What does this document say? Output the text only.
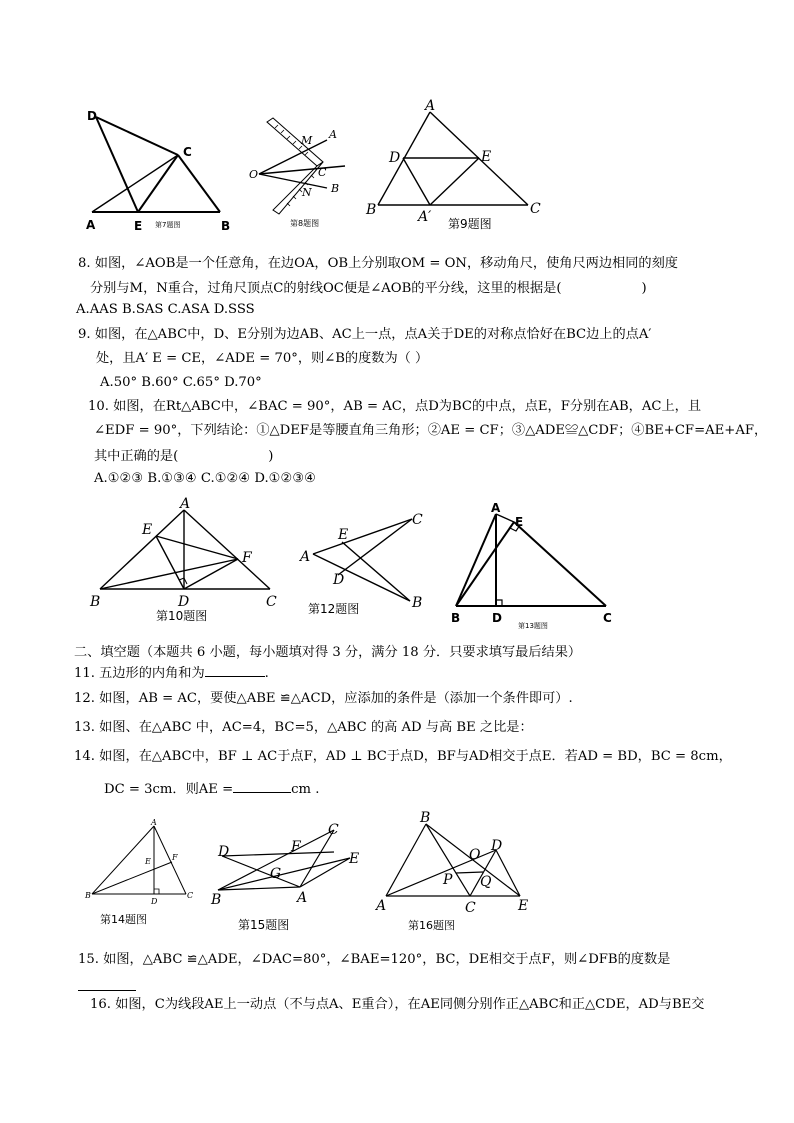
D
C
A	E	B
第7题图
M A
O	C
N B
第8题图
A
D	E
B	A′	C
第9题图
8. 如图，∠AOB是一个任意角，在边OA，OB上分别取OM = ON，移动角尺，使角尺两边相同的刻度
分别与M，N重合，过角尺顶点C的射线OC便是∠AOB的平分线，这里的根据是(	)
A.AAS B.SAS C.ASA D.SSS
9. 如图，在△ABC中，D、E分别为边AB、AC上一点，点A关于DE的对称点恰好在BC边上的点A′
处，且A′ E = CE，∠ADE = 70°，则∠B的度数为（ ）
A.50° B.60° C.65° D.70°
10. 如图，在Rt△ABC中，∠BAC = 90°，AB = AC，点D为BC的中点，点E，F分别在AB，AC上，且
∠EDF = 90°，下列结论：①△DEF是等腰直角三角形；②AE = CF；③△ADE≌△CDF；④BE+CF=AE+AF，
其中正确的是(	)
A.①②③ B.①③④ C.①②④ D.①②③④
A
E
F
B	D	C
第10题图
A
E
C
D
B
第12题图
A
E
B	D	C
第13题图
二、填空题（本题共 6 小题，每小题填对得 3 分，满分 18 分．只要求填写最后结果）
11. 五边形的内角和为	.
12. 如图，AB = AC，要使△ABE ≌△ACD，应添加的条件是（添加一个条件即可）.
13. 如图、在△ABC 中，AC=4，BC=5，△ABC 的高 AD 与高 BE 之比是：
14. 如图，在△ABC中，BF ⊥ AC于点F，AD ⊥ BC于点D，BF与AD相交于点E．若AD = BD，BC = 8cm，
DC = 3cm．则AE =	cm .
A
E	F
B
D
C
第14题图
C
D	F
E
G
B	A
第15题图
B
D
O
P Q
A	C	E
第16题图
15. 如图，△ABC ≌△ADE，∠DAC=80°，∠BAE=120°，BC，DE相交于点F，则∠DFB的度数是
16. 如图，C为线段AE上一动点（不与点A、E重合），在AE同侧分别作正△ABC和正△CDE，AD与BE交
